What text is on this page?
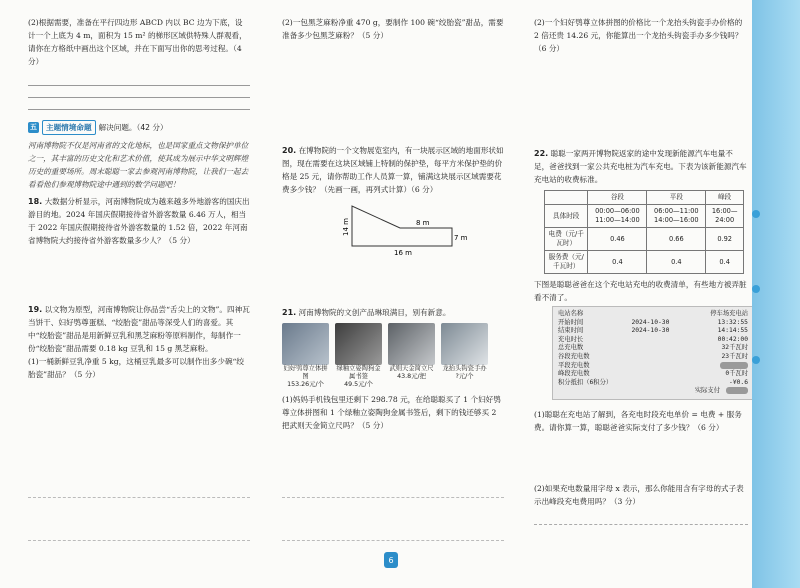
(2)根据需要，准备在平行四边形 ABCD 内以 BC 边为下底，设计一个上底为 4 m，面积为 15 m² 的梯形区域供特殊人群观看，请你在方格纸中画出这个区域，并在下面写出你的思考过程。（4 分）

五	主题情境命题 解决问题。（42 分）

河南博物院不仅是河南省的文化地标，也是国家重点文物保护单位之一，其丰富的历史文化和艺术价值，使其成为展示中华文明辉煌历史的重要场所。周末聪聪一家去参观河南博物院，让我们一起去看看他们参观博物院途中遇到的数学问题吧！

18. 大数据分析显示，河南博物院成为越来越多外地游客的国庆出游目的地。2024 年国庆假期接待省外游客数量 6.46 万人，相当于 2022 年国庆假期接待省外游客数量的 1.52 倍，2022 年河南省博物院大约接待省外游客数量多少人？（5 分）

19. 以文物为原型，河南博物院让你品尝“舌尖上的文物”。四神瓦当饼干、妇好鸮尊蛋糕、“绞胎瓷”甜品等深受人们的喜爱。其中“绞胎瓷”甜品是用新鲜豆乳和黑芝麻粉等原料制作，每制作一份“绞胎瓷”甜品需要 0.18 kg 豆乳和 15 g 黑芝麻粉。

(1)一桶新鲜豆乳净重 5 kg，这桶豆乳最多可以制作出多少碗“绞胎瓷”甜品？（5 分）

(2)一包黑芝麻粉净重 470 g，要制作 100 碗“绞胎瓷”甜品，需要准备多少包黑芝麻粉？（5 分）

20. 在博物院的一个文物展览室内，有一块展示区域的地面形状如图，现在需要在这块区域铺上特制的保护垫，每平方米保护垫的价格是 25 元，请你帮助工作人员算一算，铺满这块展示区域需要花费多少钱？（先画一画，再列式计算）（6 分）

8 m
14 m
7 m
16 m

21. 河南博物院的文创产品琳琅满目，别有新意。

妇好鸮尊立体拼图
153.26元/个
绿釉立姿陶狗金属书签
49.5元/个
武则天金简立尺
43.8元/把
龙抬头钩瓷手办
?元/个

(1)妈妈手机钱包里还剩下 298.78 元，在给聪聪买了 1 个妇好鸮尊立体拼图和 1 个绿釉立姿陶狗金属书签后，剩下的钱还够买 2 把武则天金简立尺吗？（5 分）

(2)一个妇好鸮尊立体拼图的价格比一个龙抬头钩瓷手办价格的 2 倍还贵 14.26 元，你能算出一个龙抬头钩瓷手办多少钱吗？（6 分）

22. 聪聪一家两开博物院返家的途中发现新能源汽车电量不足，爸爸找到一家公共充电桩为汽车充电。下表为该新能源汽车充电站的收费标准。

	谷段	平段	峰段
具体时段	00:00—06:00 11:00—14:00	06:00—11:00 14:00—16:00	16:00—24:00
电费（元/千瓦时）	0.46	0.66	0.92
服务费（元/千瓦时）	0.4	0.4	0.4

下图是聪聪爸爸在这个充电站充电的收费清单，有些地方被弄脏看不清了。

电站名称	停车场充电站
开始时间	2024-10-30	13:32:55
结束时间	2024-10-30	14:14:55
充电时长	00:42:00
总充电数	32千瓦时
谷段充电数	23千瓦时
平段充电数
峰段充电数	0千瓦时
积分抵扣（6积分）	-¥0.6
实际支付

(1)聪聪在充电站了解到，各充电时段充电单价 = 电费 + 服务费。请你算一算，聪聪爸爸实际支付了多少钱？（6 分）

(2)如果充电数量用字母 x 表示，那么你能用含有字母的式子表示出峰段充电费用吗？（3 分）

6
